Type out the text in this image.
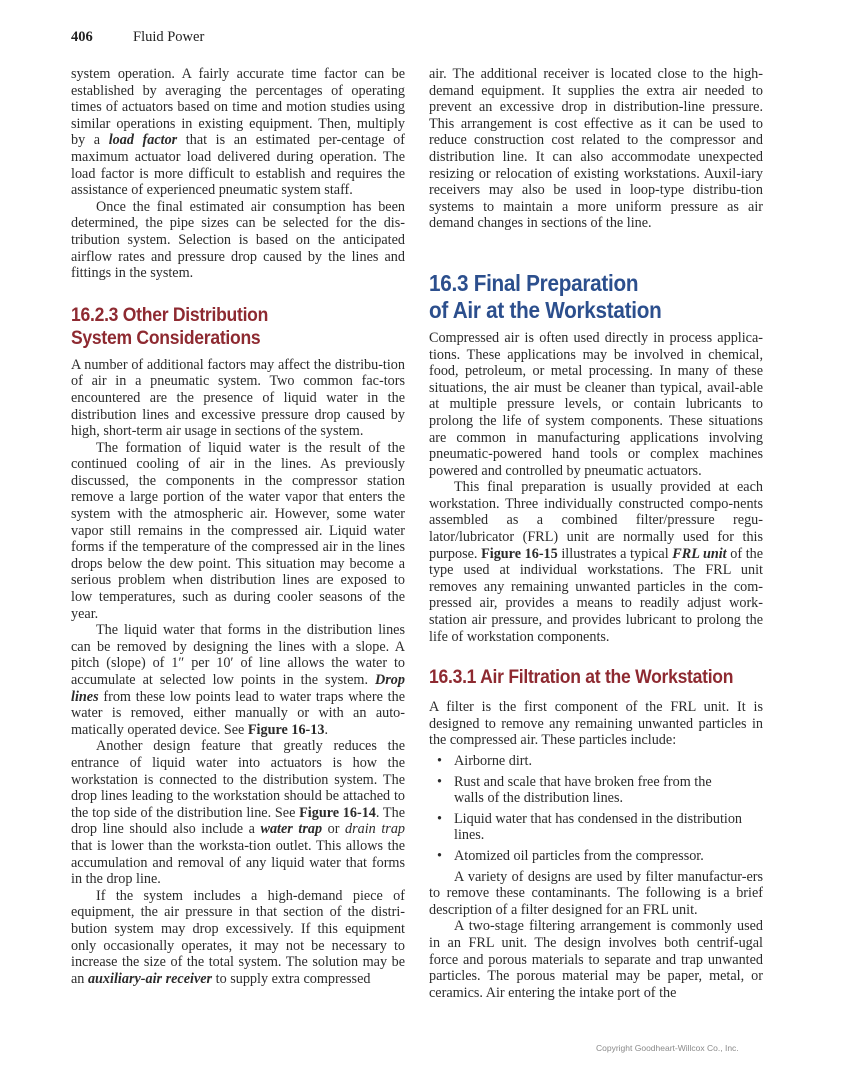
406	Fluid Power

system operation. A fairly accurate time factor can be established by averaging the percentages of operating times of actuators based on time and motion studies using similar operations in existing equipment. Then, multiply by a load factor that is an estimated per-centage of maximum actuator load delivered during operation. The load factor is more difficult to establish and requires the assistance of experienced pneumatic system staff.

Once the final estimated air consumption has been determined, the pipe sizes can be selected for the dis-tribution system. Selection is based on the anticipated airflow rates and pressure drop caused by the lines and fittings in the system.

16.2.3 Other Distribution
System Considerations

A number of additional factors may affect the distribu-tion of air in a pneumatic system. Two common fac-tors encountered are the presence of liquid water in the distribution lines and excessive pressure drop caused by high, short-term air usage in sections of the system.

The formation of liquid water is the result of the continued cooling of air in the lines. As previously discussed, the components in the compressor station remove a large portion of the water vapor that enters the system with the atmospheric air. However, some water vapor still remains in the compressed air. Liquid water forms if the temperature of the compressed air in the lines drops below the dew point. This situation may become a serious problem when distribution lines are exposed to low temperatures, such as during cooler seasons of the year.

The liquid water that forms in the distribution lines can be removed by designing the lines with a slope. A pitch (slope) of 1″ per 10′ of line allows the water to accumulate at selected low points in the system. Drop lines from these low points lead to water traps where the water is removed, either manually or with an auto-matically operated device. See Figure 16-13.

Another design feature that greatly reduces the entrance of liquid water into actuators is how the workstation is connected to the distribution system. The drop lines leading to the workstation should be attached to the top side of the distribution line. See Figure 16-14. The drop line should also include a water trap or drain trap that is lower than the worksta-tion outlet. This allows the accumulation and removal of any liquid water that forms in the drop line.

If the system includes a high-demand piece of equipment, the air pressure in that section of the distri-bution system may drop excessively. If this equipment only occasionally operates, it may not be necessary to increase the size of the total system. The solution may be an auxiliary-air receiver to supply extra compressed

air. The additional receiver is located close to the high-demand equipment. It supplies the extra air needed to prevent an excessive drop in distribution-line pressure. This arrangement is cost effective as it can be used to reduce construction cost related to the compressor and distribution line. It can also accommodate unexpected resizing or relocation of existing workstations. Auxil-iary receivers may also be used in loop-type distribu-tion systems to maintain a more uniform pressure as air demand changes in sections of the line.

16.3 Final Preparation
of Air at the Workstation

Compressed air is often used directly in process applica-tions. These applications may be involved in chemical, food, petroleum, or metal processing. In many of these situations, the air must be cleaner than typical, avail-able at multiple pressure levels, or contain lubricants to prolong the life of system components. These situations are common in manufacturing applications involving pneumatic-powered hand tools or complex machines powered and controlled by pneumatic actuators.

This final preparation is usually provided at each workstation. Three individually constructed compo-nents assembled as a combined filter/pressure regu-lator/lubricator (FRL) unit are normally used for this purpose. Figure 16-15 illustrates a typical FRL unit of the type used at individual workstations. The FRL unit removes any remaining unwanted particles in the com-pressed air, provides a means to readily adjust work-station air pressure, and provides lubricant to prolong the life of workstation components.

16.3.1 Air Filtration at the Workstation

A filter is the first component of the FRL unit. It is designed to remove any remaining unwanted particles in the compressed air. These particles include:

• Airborne dirt.
• Rust and scale that have broken free from the walls of the distribution lines.
• Liquid water that has condensed in the distribution lines.
• Atomized oil particles from the compressor.

A variety of designs are used by filter manufactur-ers to remove these contaminants. The following is a brief description of a filter designed for an FRL unit.

A two-stage filtering arrangement is commonly used in an FRL unit. The design involves both centrif-ugal force and porous materials to separate and trap unwanted particles. The porous material may be paper, metal, or ceramics. Air entering the intake port of the

Copyright Goodheart-Willcox Co., Inc.
